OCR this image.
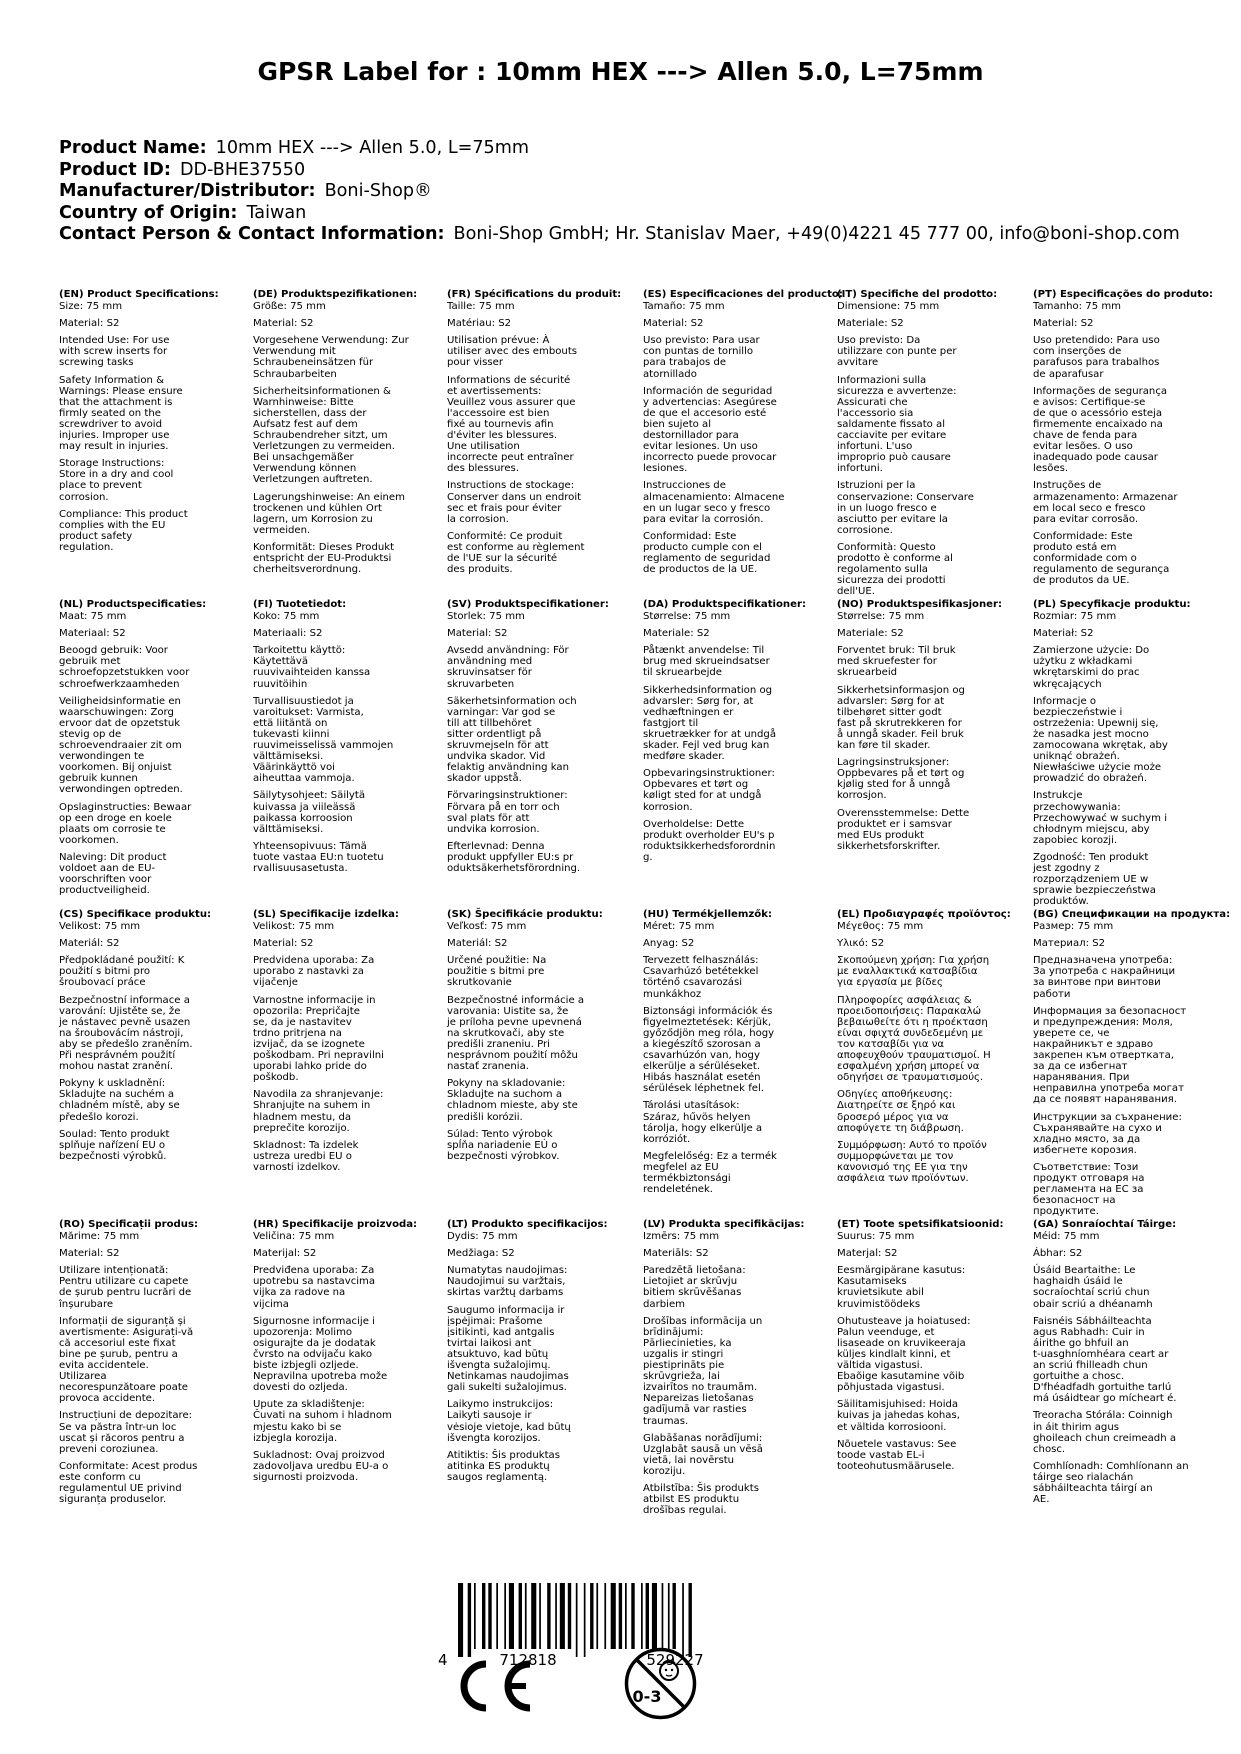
GPSR Label for : 10mm HEX ---> Allen 5.0, L=75mm
Product Name: 10mm HEX ---> Allen 5.0, L=75mm
Product ID: DD-BHE37550
Manufacturer/Distributor: Boni-Shop®
Country of Origin: Taiwan
Contact Person & Contact Information: Boni-Shop GmbH; Hr. Stanislav Maer, +49(0)4221 45 777 00, info@boni-shop.com
(EN) Product Specifications:
Size: 75 mm
Material: S2
Intended Use: For use
with screw inserts for
screwing tasks
Safety Information &
Warnings: Please ensure
that the attachment is
firmly seated on the
screwdriver to avoid
injuries. Improper use
may result in injuries.
Storage Instructions:
Store in a dry and cool
place to prevent
corrosion.
Compliance: This product
complies with the EU
product safety
regulation.
(DE) Produktspezifikationen:
Größe: 75 mm
Material: S2
Vorgesehene Verwendung: Zur
Verwendung mit
Schraubeneinsätzen für
Schraubarbeiten
Sicherheitsinformationen &
Warnhinweise: Bitte
sicherstellen, dass der
Aufsatz fest auf dem
Schraubendreher sitzt, um
Verletzungen zu vermeiden.
Bei unsachgemäßer
Verwendung können
Verletzungen auftreten.
Lagerungshinweise: An einem
trockenen und kühlen Ort
lagern, um Korrosion zu
vermeiden.
Konformität: Dieses Produkt
entspricht der EU-Produktsi
cherheitsverordnung.
(FR) Spécifications du produit:
Taille: 75 mm
Matériau: S2
Utilisation prévue: À
utiliser avec des embouts
pour visser
Informations de sécurité
et avertissements:
Veuillez vous assurer que
l'accessoire est bien
fixé au tournevis afin
d'éviter les blessures.
Une utilisation
incorrecte peut entraîner
des blessures.
Instructions de stockage:
Conserver dans un endroit
sec et frais pour éviter
la corrosion.
Conformité: Ce produit
est conforme au règlement
de l'UE sur la sécurité
des produits.
(ES) Especificaciones del producto:
Tamaño: 75 mm
Material: S2
Uso previsto: Para usar
con puntas de tornillo
para trabajos de
atornillado
Información de seguridad
y advertencias: Asegúrese
de que el accesorio esté
bien sujeto al
destornillador para
evitar lesiones. Un uso
incorrecto puede provocar
lesiones.
Instrucciones de
almacenamiento: Almacene
en un lugar seco y fresco
para evitar la corrosión.
Conformidad: Este
producto cumple con el
reglamento de seguridad
de productos de la UE.
(IT) Specifiche del prodotto:
Dimensione: 75 mm
Materiale: S2
Uso previsto: Da
utilizzare con punte per
avvitare
Informazioni sulla
sicurezza e avvertenze:
Assicurati che
l'accessorio sia
saldamente fissato al
cacciavite per evitare
infortuni. L'uso
improprio può causare
infortuni.
Istruzioni per la
conservazione: Conservare
in un luogo fresco e
asciutto per evitare la
corrosione.
Conformità: Questo
prodotto è conforme al
regolamento sulla
sicurezza dei prodotti
dell'UE.
(PT) Especificações do produto:
Tamanho: 75 mm
Material: S2
Uso pretendido: Para uso
com inserções de
parafusos para trabalhos
de aparafusar
Informações de segurança
e avisos: Certifique-se
de que o acessório esteja
firmemente encaixado na
chave de fenda para
evitar lesões. O uso
inadequado pode causar
lesões.
Instruções de
armazenamento: Armazenar
em local seco e fresco
para evitar corrosão.
Conformidade: Este
produto está em
conformidade com o
regulamento de segurança
de produtos da UE.
(NL) Productspecificaties:
Maat: 75 mm
Materiaal: S2
Beoogd gebruik: Voor
gebruik met
schroefopzetstukken voor
schroefwerkzaamheden
Veiligheidsinformatie en
waarschuwingen: Zorg
ervoor dat de opzetstuk
stevig op de
schroevendraaier zit om
verwondingen te
voorkomen. Bij onjuist
gebruik kunnen
verwondingen optreden.
Opslaginstructies: Bewaar
op een droge en koele
plaats om corrosie te
voorkomen.
Naleving: Dit product
voldoet aan de EU-
voorschriften voor
productveiligheid.
(FI) Tuotetiedot:
Koko: 75 mm
Materiaali: S2
Tarkoitettu käyttö:
Käytettävä
ruuvivaihteiden kanssa
ruuvitöihin
Turvallisuustiedot ja
varoitukset: Varmista,
että liitäntä on
tukevasti kiinni
ruuvimeisselissä vammojen
välttämiseksi.
Väärinkäyttö voi
aiheuttaa vammoja.
Säilytysohjeet: Säilytä
kuivassa ja viileässä
paikassa korroosion
välttämiseksi.
Yhteensopivuus: Tämä
tuote vastaa EU:n tuotetu
rvallisuusasetusta.
(SV) Produktspecifikationer:
Storlek: 75 mm
Material: S2
Avsedd användning: För
användning med
skruvinsatser för
skruvarbeten
Säkerhetsinformation och
varningar: Var god se
till att tillbehöret
sitter ordentligt på
skruvmejseln för att
undvika skador. Vid
felaktig användning kan
skador uppstå.
Förvaringsinstruktioner:
Förvara på en torr och
sval plats för att
undvika korrosion.
Efterlevnad: Denna
produkt uppfyller EU:s pr
oduktsäkerhetsförordning.
(DA) Produktspecifikationer:
Størrelse: 75 mm
Materiale: S2
Påtænkt anvendelse: Til
brug med skrueindsatser
til skruearbejde
Sikkerhedsinformation og
advarsler: Sørg for, at
vedhæftningen er
fastgjort til
skruetrækker for at undgå
skader. Fejl ved brug kan
medføre skader.
Opbevaringsinstruktioner:
Opbevares et tørt og
køligt sted for at undgå
korrosion.
Overholdelse: Dette
produkt overholder EU's p
roduktsikkerhedsforordnin
g.
(NO) Produktspesifikasjoner:
Størrelse: 75 mm
Materiale: S2
Forventet bruk: Til bruk
med skruefester for
skruearbeid
Sikkerhetsinformasjon og
advarsler: Sørg for at
tilbehøret sitter godt
fast på skrutrekkeren for
å unngå skader. Feil bruk
kan føre til skader.
Lagringsinstruksjoner:
Oppbevares på et tørt og
kjølig sted for å unngå
korrosjon.
Overensstemmelse: Dette
produktet er i samsvar
med EUs produkt
sikkerhetsforskrifter.
(PL) Specyfikacje produktu:
Rozmiar: 75 mm
Materiał: S2
Zamierzone użycie: Do
użytku z wkładkami
wkrętarskimi do prac
wkręcających
Informacje o
bezpieczeństwie i
ostrzeżenia: Upewnij się,
że nasadka jest mocno
zamocowana wkrętak, aby
uniknąć obrażeń.
Niewłaściwe użycie może
prowadzić do obrażeń.
Instrukcje
przechowywania:
Przechowywać w suchym i
chłodnym miejscu, aby
zapobiec korozji.
Zgodność: Ten produkt
jest zgodny z
rozporządzeniem UE w
sprawie bezpieczeństwa
produktów.
(CS) Specifikace produktu:
Velikost: 75 mm
Materiál: S2
Předpokládané použití: K
použití s bitmi pro
šroubovací práce
Bezpečnostní informace a
varování: Ujistěte se, že
je nástavec pevně usazen
na šroubovácím nástroji,
aby se předešlo zraněním.
Při nesprávném použití
mohou nastat zranění.
Pokyny k uskladnění:
Skladujte na suchém a
chladném místě, aby se
předešlo korozi.
Soulad: Tento produkt
splňuje nařízení EU o
bezpečnosti výrobků.
(SL) Specifikacije izdelka:
Velikost: 75 mm
Material: S2
Predvidena uporaba: Za
uporabo z nastavki za
vijačenje
Varnostne informacije in
opozorila: Prepričajte
se, da je nastavitev
trdno pritrjena na
izvijač, da se izognete
poškodbam. Pri nepravilni
uporabi lahko pride do
poškodb.
Navodila za shranjevanje:
Shranjujte na suhem in
hladnem mestu, da
preprečite korozijo.
Skladnost: Ta izdelek
ustreza uredbi EU o
varnosti izdelkov.
(SK) Špecifikácie produktu:
Veľkosť: 75 mm
Materiál: S2
Určené použitie: Na
použitie s bitmi pre
skrutkovanie
Bezpečnostné informácie a
varovania: Uistite sa, že
je príloha pevne upevnená
na skrutkovači, aby ste
predišli zraneniu. Pri
nesprávnom použití môžu
nastať zranenia.
Pokyny na skladovanie:
Skladujte na suchom a
chladnom mieste, aby ste
predišli korózii.
Súlad: Tento výrobok
spĺňa nariadenie EÚ o
bezpečnosti výrobkov.
(HU) Termékjellemzők:
Méret: 75 mm
Anyag: S2
Tervezett felhasználás:
Csavarhúzó betétekkel
történő csavarozási
munkákhoz
Biztonsági információk és
figyelmeztetések: Kérjük,
győződjön meg róla, hogy
a kiegészítő szorosan a
csavarhúzón van, hogy
elkerülje a sérüléseket.
Hibás használat esetén
sérülések léphetnek fel.
Tárolási utasítások:
Száraz, hűvös helyen
tárolja, hogy elkerülje a
korróziót.
Megfelelőség: Ez a termék
megfelel az EU
termékbiztonsági
rendeletének.
(EL) Προδιαγραφές προϊόντος:
Μέγεθος: 75 mm
Υλικό: S2
Σκοπούμενη χρήση: Για χρήση
με εναλλακτικά κατσαβίδια
για εργασία με βίδες
Πληροφορίες ασφάλειας &
προειδοποιήσεις: Παρακαλώ
βεβαιωθείτε ότι η προέκταση
είναι σφιχτά συνδεδεμένη με
τον κατσαβίδι για να
αποφευχθούν τραυματισμοί. Η
εσφαλμένη χρήση μπορεί να
οδηγήσει σε τραυματισμούς.
Οδηγίες αποθήκευσης:
Διατηρείτε σε ξηρό και
δροσερό μέρος για να
αποφύγετε τη διάβρωση.
Συμμόρφωση: Αυτό το προϊόν
συμμορφώνεται με τον
κανονισμό της ΕΕ για την
ασφάλεια των προϊόντων.
(BG) Спецификации на продукта:
Размер: 75 mm
Материал: S2
Предназначена употреба:
За употреба с накрайници
за винтове при винтови
работи
Информация за безопасност
и предупреждения: Моля,
уверете се, че
накрайникът е здраво
закрепен към отвертката,
за да се избегнат
наранявания. При
неправилна употреба могат
да се появят наранявания.
Инструкции за съхранение:
Съхранявайте на сухо и
хладно място, за да
избегнете корозия.
Съответствие: Този
продукт отговаря на
регламента на ЕС за
безопасност на
продуктите.
(RO) Specificații produs:
Mărime: 75 mm
Material: S2
Utilizare intenționată:
Pentru utilizare cu capete
de șurub pentru lucrări de
înșurubare
Informații de siguranță și
avertismente: Asigurați-vă
că accesoriul este fixat
bine pe șurub, pentru a
evita accidentele.
Utilizarea
necorespunzătoare poate
provoca accidente.
Instrucțiuni de depozitare:
Se va păstra într-un loc
uscat și răcoros pentru a
preveni coroziunea.
Conformitate: Acest produs
este conform cu
regulamentul UE privind
siguranța produselor.
(HR) Specifikacije proizvoda:
Veličina: 75 mm
Materijal: S2
Predviđena uporaba: Za
upotrebu sa nastavcima
vijka za radove na
vijcima
Sigurnosne informacije i
upozorenja: Molimo
osigurajte da je dodatak
čvrsto na odvijaču kako
biste izbjegli ozljede.
Nepravilna upotreba može
dovesti do ozljeda.
Upute za skladištenje:
Čuvati na suhom i hladnom
mjestu kako bi se
izbjegla korozija.
Sukladnost: Ovaj proizvod
zadovoljava uredbu EU-a o
sigurnosti proizvoda.
(LT) Produkto specifikacijos:
Dydis: 75 mm
Medžiaga: S2
Numatytas naudojimas:
Naudojimui su varžtais,
skirtas varžtų darbams
Saugumo informacija ir
įspėjimai: Prašome
įsitikinti, kad antgalis
tvirtai laikosi ant
atsuktuvo, kad būtų
išvengta sužalojimų.
Netinkamas naudojimas
gali sukelti sužalojimus.
Laikymo instrukcijos:
Laikyti sausoje ir
vėsioje vietoje, kad būtų
išvengta korozijos.
Atitiktis: Šis produktas
atitinka ES produktų
saugos reglamentą.
(LV) Produkta specifikācijas:
Izmērs: 75 mm
Materiāls: S2
Paredzētā lietošana:
Lietojiet ar skrūvju
bitiem skrūvēšanas
darbiem
Drošības informācija un
brīdinājumi:
Pārliecinieties, ka
uzgalis ir stingri
piestiprināts pie
skrūvgrieža, lai
izvairītos no traumām.
Nepareizas lietošanas
gadījumā var rasties
traumas.
Glabāšanas norādījumi:
Uzglabāt sausā un vēsā
vietā, lai novērstu
koroziju.
Atbilstība: Šis produkts
atbilst ES produktu
drošības regulai.
(ET) Toote spetsifikatsioonid:
Suurus: 75 mm
Materjal: S2
Eesmärgipärane kasutus:
Kasutamiseks
kruvietsikute abil
kruvimistöödeks
Ohutusteave ja hoiatused:
Palun veenduge, et
lisaseade on kruvikeeraja
küljes kindlalt kinni, et
vältida vigastusi.
Ebaõige kasutamine võib
põhjustada vigastusi.
Säilitamisjuhised: Hoida
kuivas ja jahedas kohas,
et vältida korrosiooni.
Nõuetele vastavus: See
toode vastab EL-i
tooteohutusmäärusele.
(GA) Sonraíochtaí Táirge:
Méid: 75 mm
Ábhar: S2
Úsáid Beartaithe: Le
haghaidh úsáid le
socraíochtaí scriú chun
obair scriú a dhéanamh
Faisnéis Sábháilteachta
agus Rabhadh: Cuir in
áirithe go bhfuil an
t-uasghníomhéara ceart ar
an scriú fhilleadh chun
gortuithe a chosc.
D'fhéadfadh gortuithe tarlú
má úsáidtear go mícheart é.
Treoracha Stórála: Coinnigh
in áit thirim agus
ghoileach chun creimeadh a
chosc.
Comhlíonadh: Comhlíonann an
táirge seo rialachán
sábháilteachta táirgí an
AE.
4	712818	529227
0-3
